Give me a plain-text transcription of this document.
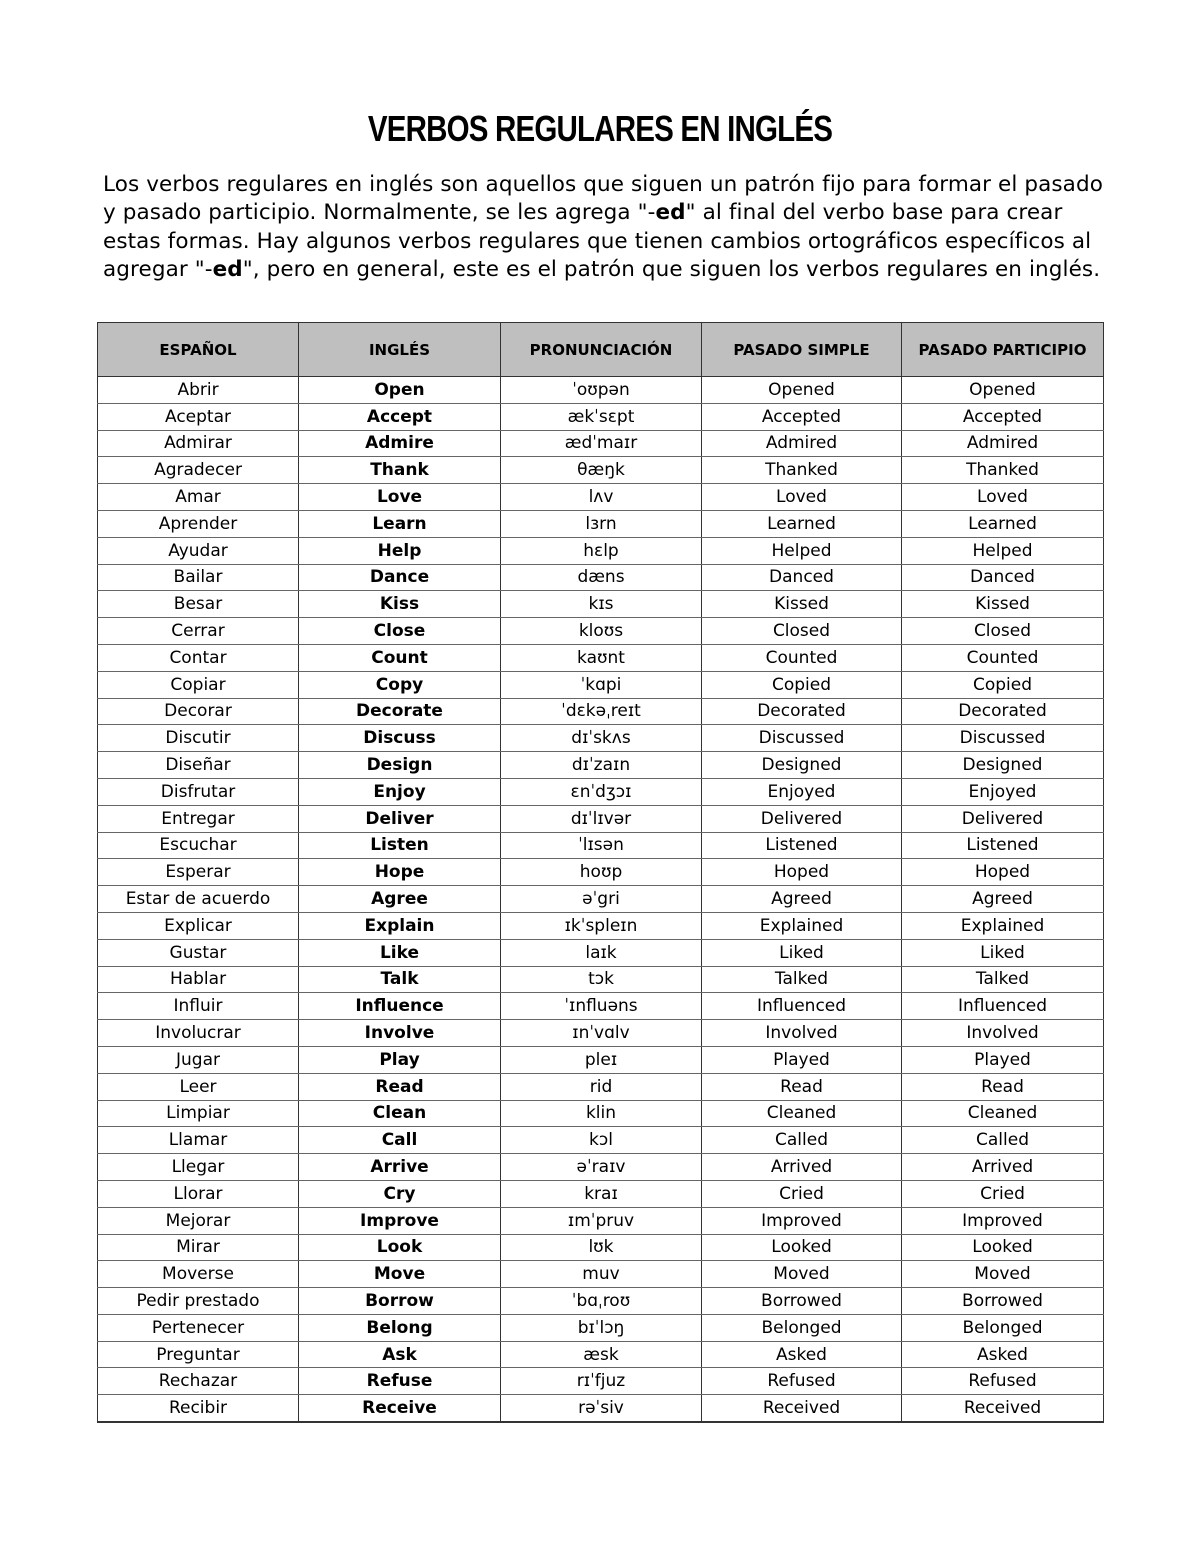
VERBOS REGULARES EN INGLÉS
Los verbos regulares en inglés son aquellos que siguen un patrón fijo para formar el pasado y pasado participio. Normalmente, se les agrega "-ed" al final del verbo base para crear estas formas. Hay algunos verbos regulares que tienen cambios ortográficos específicos al agregar "-ed", pero en general, este es el patrón que siguen los verbos regulares en inglés.
ESPAÑOL	INGLÉS	PRONUNCIACIÓN	PASADO SIMPLE	PASADO PARTICIPIO
Abrir	Open	ˈoʊpən	Opened	Opened
Aceptar	Accept	ækˈsɛpt	Accepted	Accepted
Admirar	Admire	ædˈmaɪr	Admired	Admired
Agradecer	Thank	θæŋk	Thanked	Thanked
Amar	Love	lʌv	Loved	Loved
Aprender	Learn	lɜrn	Learned	Learned
Ayudar	Help	hɛlp	Helped	Helped
Bailar	Dance	dæns	Danced	Danced
Besar	Kiss	kɪs	Kissed	Kissed
Cerrar	Close	kloʊs	Closed	Closed
Contar	Count	kaʊnt	Counted	Counted
Copiar	Copy	ˈkɑpi	Copied	Copied
Decorar	Decorate	ˈdɛkəˌreɪt	Decorated	Decorated
Discutir	Discuss	dɪˈskʌs	Discussed	Discussed
Diseñar	Design	dɪˈzaɪn	Designed	Designed
Disfrutar	Enjoy	ɛnˈdʒɔɪ	Enjoyed	Enjoyed
Entregar	Deliver	dɪˈlɪvər	Delivered	Delivered
Escuchar	Listen	ˈlɪsən	Listened	Listened
Esperar	Hope	hoʊp	Hoped	Hoped
Estar de acuerdo	Agree	əˈgri	Agreed	Agreed
Explicar	Explain	ɪkˈspleɪn	Explained	Explained
Gustar	Like	laɪk	Liked	Liked
Hablar	Talk	tɔk	Talked	Talked
Influir	Influence	ˈɪnfluəns	Influenced	Influenced
Involucrar	Involve	ɪnˈvɑlv	Involved	Involved
Jugar	Play	pleɪ	Played	Played
Leer	Read	rid	Read	Read
Limpiar	Clean	klin	Cleaned	Cleaned
Llamar	Call	kɔl	Called	Called
Llegar	Arrive	əˈraɪv	Arrived	Arrived
Llorar	Cry	kraɪ	Cried	Cried
Mejorar	Improve	ɪmˈpruv	Improved	Improved
Mirar	Look	lʊk	Looked	Looked
Moverse	Move	muv	Moved	Moved
Pedir prestado	Borrow	ˈbɑˌroʊ	Borrowed	Borrowed
Pertenecer	Belong	bɪˈlɔŋ	Belonged	Belonged
Preguntar	Ask	æsk	Asked	Asked
Rechazar	Refuse	rɪˈfjuz	Refused	Refused
Recibir	Receive	rəˈsiv	Received	Received
